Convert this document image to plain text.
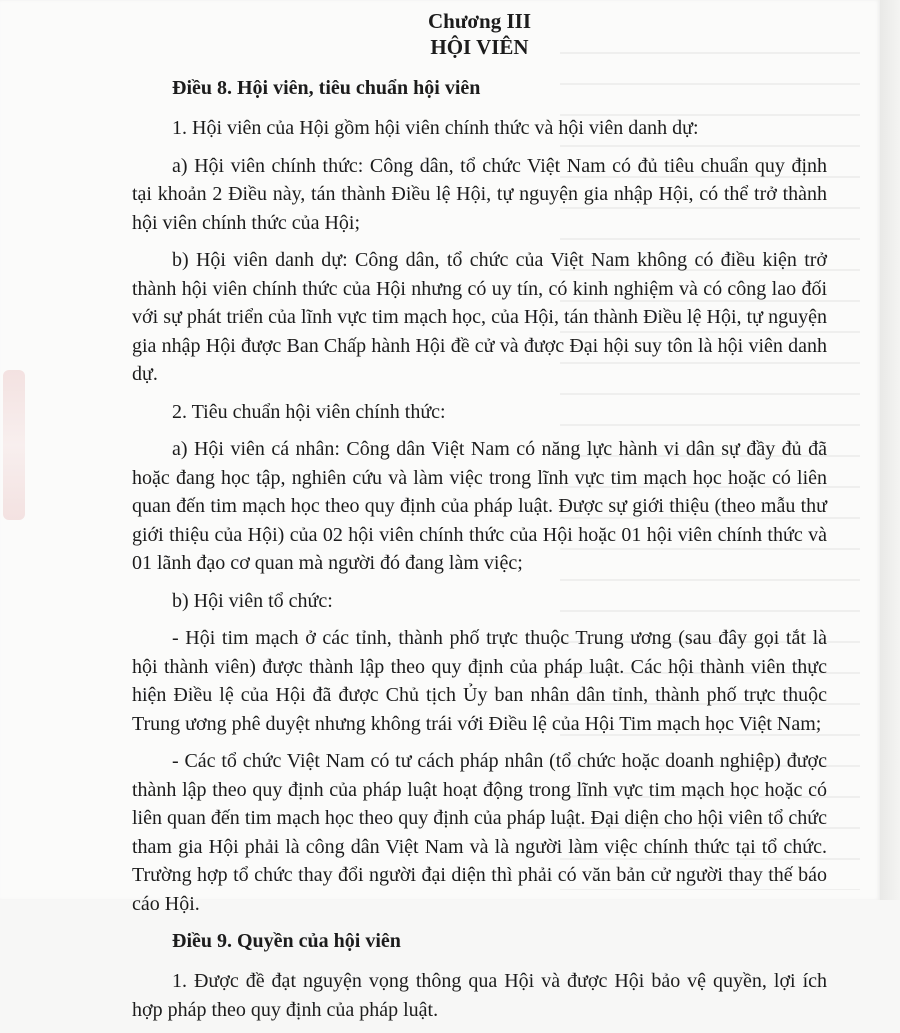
Chương III

HỘI VIÊN

Điều 8. Hội viên, tiêu chuẩn hội viên

1. Hội viên của Hội gồm hội viên chính thức và hội viên danh dự:

a) Hội viên chính thức: Công dân, tổ chức Việt Nam có đủ tiêu chuẩn quy định tại khoản 2 Điều này, tán thành Điều lệ Hội, tự nguyện gia nhập Hội, có thể trở thành hội viên chính thức của Hội;

b) Hội viên danh dự: Công dân, tổ chức của Việt Nam không có điều kiện trở thành hội viên chính thức của Hội nhưng có uy tín, có kinh nghiệm và có công lao đối với sự phát triển của lĩnh vực tim mạch học, của Hội, tán thành Điều lệ Hội, tự nguyện gia nhập Hội được Ban Chấp hành Hội đề cử và được Đại hội suy tôn là hội viên danh dự.

2. Tiêu chuẩn hội viên chính thức:

a) Hội viên cá nhân: Công dân Việt Nam có năng lực hành vi dân sự đầy đủ đã hoặc đang học tập, nghiên cứu và làm việc trong lĩnh vực tim mạch học hoặc có liên quan đến tim mạch học theo quy định của pháp luật. Được sự giới thiệu (theo mẫu thư giới thiệu của Hội) của 02 hội viên chính thức của Hội hoặc 01 hội viên chính thức và 01 lãnh đạo cơ quan mà người đó đang làm việc;

b) Hội viên tổ chức:

- Hội tim mạch ở các tỉnh, thành phố trực thuộc Trung ương (sau đây gọi tắt là hội thành viên) được thành lập theo quy định của pháp luật. Các hội thành viên thực hiện Điều lệ của Hội đã được Chủ tịch Ủy ban nhân dân tỉnh, thành phố trực thuộc Trung ương phê duyệt nhưng không trái với Điều lệ của Hội Tim mạch học Việt Nam;

- Các tổ chức Việt Nam có tư cách pháp nhân (tổ chức hoặc doanh nghiệp) được thành lập theo quy định của pháp luật hoạt động trong lĩnh vực tim mạch học hoặc có liên quan đến tim mạch học theo quy định của pháp luật. Đại diện cho hội viên tổ chức tham gia Hội phải là công dân Việt Nam và là người làm việc chính thức tại tổ chức. Trường hợp tổ chức thay đổi người đại diện thì phải có văn bản cử người thay thế báo cáo Hội.

Điều 9. Quyền của hội viên

1. Được đề đạt nguyện vọng thông qua Hội và được Hội bảo vệ quyền, lợi ích hợp pháp theo quy định của pháp luật.
